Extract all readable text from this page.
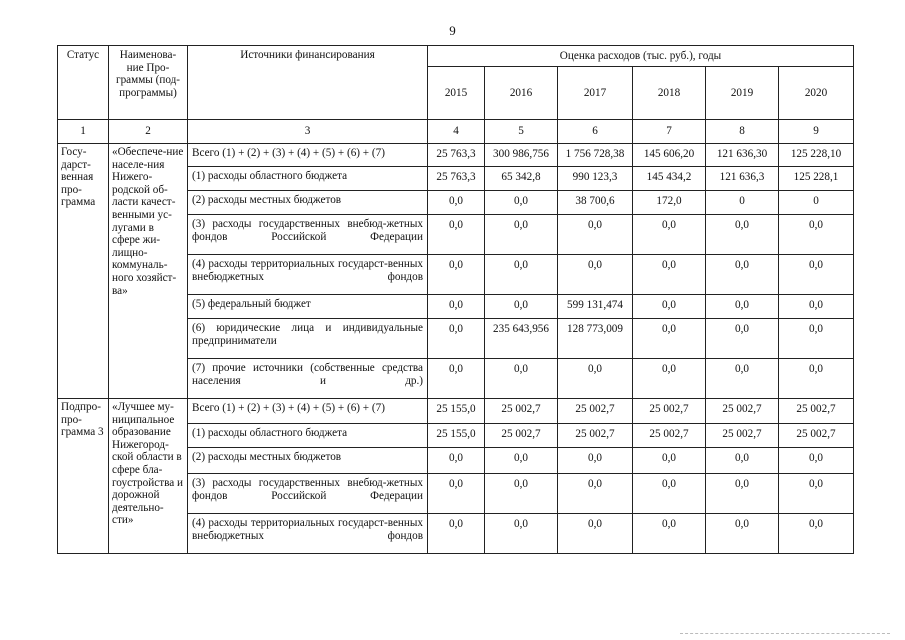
9
Статус	Наименова-ние Про-граммы (под-программы)	Источники финансирования	Оценка расходов (тыс. руб.), годы					
			2015	2016	2017	2018	2019	2020
1	2	3	4	5	6	7	8	9
Госу-дарст-венная про-грамма	«Обеспече-ние населе-ния Нижего-родской об-ласти качест-венными ус-лугами в сфере жи-лищно-коммуналь-ного хозяйст-ва»	Всего (1) + (2) + (3) + (4) + (5) + (6) + (7)	25 763,3	300 986,756	1 756 728,38	145 606,20	121 636,30	125 228,10
		(1) расходы областного бюджета	25 763,3	65 342,8	990 123,3	145 434,2	121 636,3	125 228,1
		(2) расходы местных бюджетов	0,0	0,0	38 700,6	172,0	0	0
		(3) расходы государственных внебюд-жетных фондов Российской Федерации	0,0	0,0	0,0	0,0	0,0	0,0
		(4) расходы территориальных государст-венных внебюджетных фондов	0,0	0,0	0,0	0,0	0,0	0,0
		(5) федеральный бюджет	0,0	0,0	599 131,474	0,0	0,0	0,0
		(6) юридические лица и индивидуальные предприниматели	0,0	235 643,956	128 773,009	0,0	0,0	0,0
		(7) прочие источники (собственные средства населения и др.)	0,0	0,0	0,0	0,0	0,0	0,0
Подпро-про-грамма 3	«Лучшее му-ниципальное образование Нижегород-ской области в сфере бла-гоустройства и дорожной деятельно-сти»	Всего (1) + (2) + (3) + (4) + (5) + (6) + (7)	25 155,0	25 002,7	25 002,7	25 002,7	25 002,7	25 002,7
		(1) расходы областного бюджета	25 155,0	25 002,7	25 002,7	25 002,7	25 002,7	25 002,7
		(2) расходы местных бюджетов	0,0	0,0	0,0	0,0	0,0	0,0
		(3) расходы государственных внебюд-жетных фондов Российской Федерации	0,0	0,0	0,0	0,0	0,0	0,0
		(4) расходы территориальных государст-венных внебюджетных фондов	0,0	0,0	0,0	0,0	0,0	0,0
